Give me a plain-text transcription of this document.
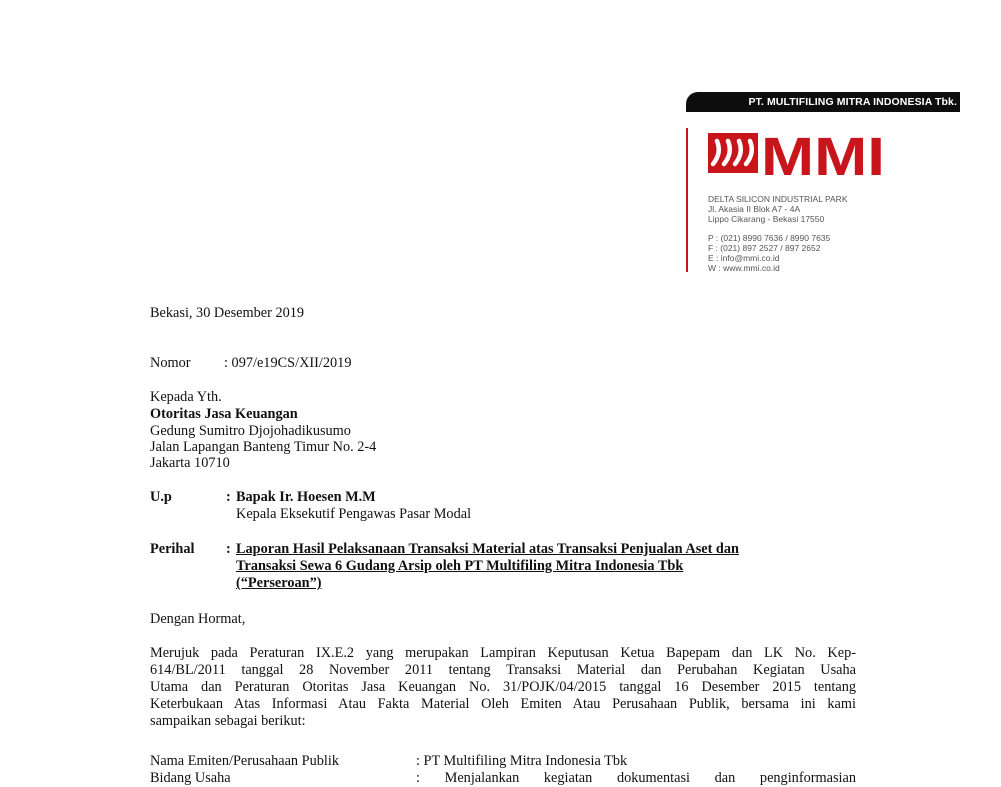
PT. MULTIFILING MITRA INDONESIA Tbk.
MMI
DELTA SILICON INDUSTRIAL PARK
Jl. Akasia II Blok A7 - 4A
Lippo Cikarang - Bekasi 17550
P : (021) 8990 7636 / 8990 7635
F : (021) 897 2527 / 897 2652
E : info@mmi.co.id
W : www.mmi.co.id
Bekasi, 30 Desember 2019
Nomor : 097/e19CS/XII/2019
Kepada Yth.
Otoritas Jasa Keuangan
Gedung Sumitro Djojohadikusumo
Jalan Lapangan Banteng Timur No. 2-4
Jakarta 10710
U.p	: Bapak Ir. Hoesen M.M
Kepala Eksekutif Pengawas Pasar Modal
Perihal : Laporan Hasil Pelaksanaan Transaksi Material atas Transaksi Penjualan Aset dan
Transaksi Sewa 6 Gudang Arsip oleh PT Multifiling Mitra Indonesia Tbk
(“Perseroan”)
Dengan Hormat,
Merujuk pada Peraturan IX.E.2 yang merupakan Lampiran Keputusan Ketua Bapepam dan LK No. Kep-
614/BL/2011 tanggal 28 November 2011 tentang Transaksi Material dan Perubahan Kegiatan Usaha
Utama dan Peraturan Otoritas Jasa Keuangan No. 31/POJK/04/2015 tanggal 16 Desember 2015 tentang
Keterbukaan Atas Informasi Atau Fakta Material Oleh Emiten Atau Perusahaan Publik, bersama ini kami
sampaikan sebagai berikut:
Nama Emiten/Perusahaan Publik	: PT Multifiling Mitra Indonesia Tbk
Bidang Usaha	: Menjalankan kegiatan dokumentasi dan penginformasian
